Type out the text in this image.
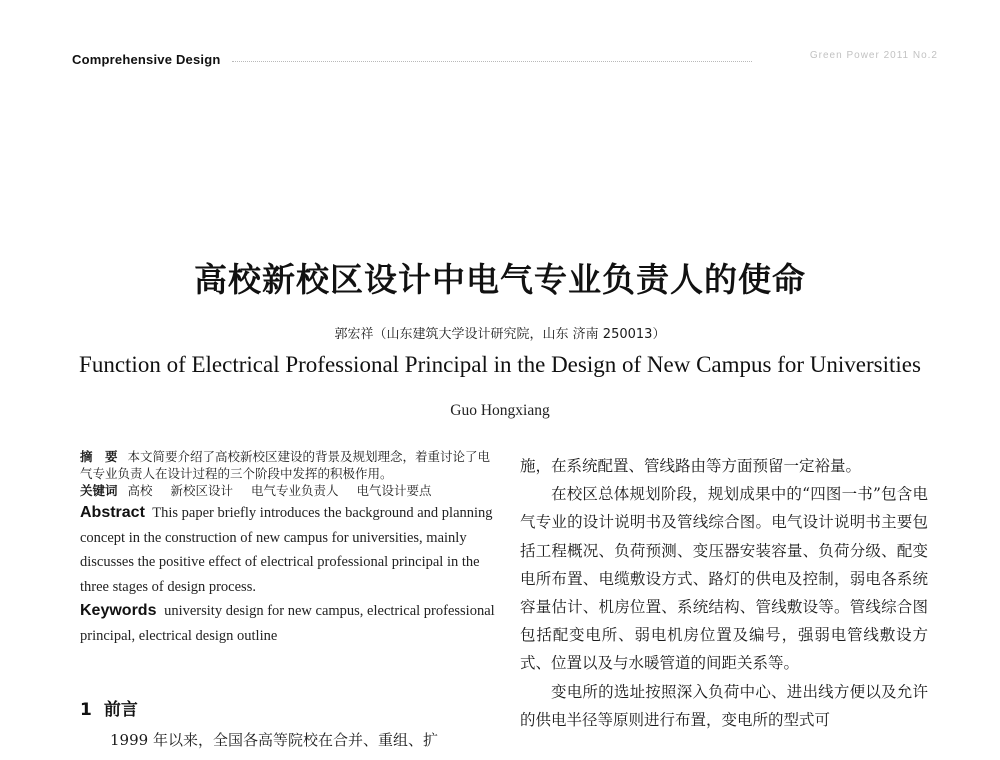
Comprehensive Design	Green Power 2011 No.2
高校新校区设计中电气专业负责人的使命
郭宏祥（山东建筑大学设计研究院，山东 济南 250013）
Function of Electrical Professional Principal in the Design of New Campus for Universities
Guo Hongxiang

摘　要 本文简要介绍了高校新校区建设的背景及规划理念，着重讨论了电气专业负责人在设计过程的三个阶段中发挥的积极作用。

关键词 高校 新校区设计 电气专业负责人 电气设计要点

Abstract This paper briefly introduces the background and planning concept in the construction of new campus for universities, mainly discusses the positive effect of electrical professional principal in the three stages of design process.

Keywords university design for new campus, electrical professional principal, electrical design outline

1 前言

1999 年以来，全国各高等院校在合并、重组、扩

施，在系统配置、管线路由等方面预留一定裕量。

在校区总体规划阶段，规划成果中的“四图一书”包含电气专业的设计说明书及管线综合图。电气设计说明书主要包括工程概况、负荷预测、变压器安装容量、负荷分级、配变电所布置、电缆敷设方式、路灯的供电及控制，弱电各系统容量估计、机房位置、系统结构、管线敷设等。管线综合图包括配变电所、弱电机房位置及编号，强弱电管线敷设方式、位置以及与水暖管道的间距关系等。

变电所的选址按照深入负荷中心、进出线方便以及允许的供电半径等原则进行布置，变电所的型式可
